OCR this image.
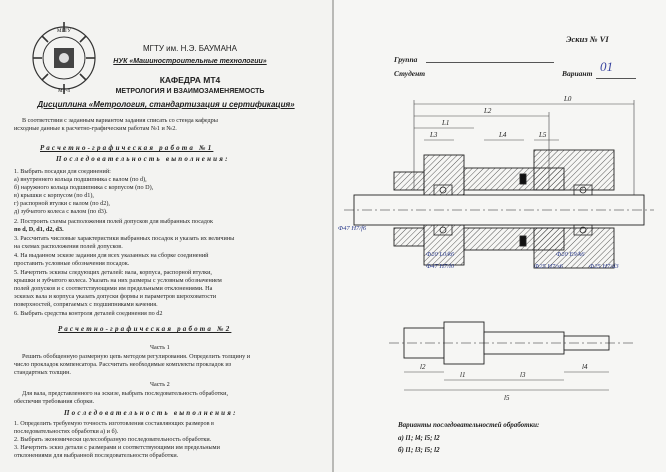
МГТУ
МТ-4
МГТУ им. Н.Э. БАУМАНА
НУК «Машиностроительные технологии»
КАФЕДРА МТ4
МЕТРОЛОГИЯ И ВЗАИМОЗАМЕНЯЕМОСТЬ
Дисциплина «Метрология, стандартизация и сертификация»
В соответствии с заданным вариантом задания списать со стенда кафедры
исходные данные к расчетно-графическим работам №1 и №2.
Расчетно-графическая работа №1
Последовательность выполнения:
1. Выбрать посадки для соединений:
а) внутреннего кольца подшипника с валом (по d),
б) наружного кольца подшипника с корпусом (по D),
в) крышки с корпусом (по d1),
г) распорной втулки с валом (по d2),
д) зубчатого колеса с валом (по d3).
2. Построить схемы расположения полей допусков для выбранных посадок
по d, D, d1, d2, d3.
3. Рассчитать числовые характеристики выбранных посадок и указать их величины
на схемах расположения полей допусков.
4. На выданном эскизе задания для всех указанных на сборке соединений
проставить условные обозначения посадок.
5. Начертить эскизы следующих деталей: вала, корпуса, распорной втулки,
крышки и зубчатого колеса. Указать на них размеры с условным обозначением
полей допусков и с соответствующими им предельными отклонениями. На
эскизах вала и корпуса указать допуски формы и параметров шероховатости
поверхностей, сопрягаемых с подшипниками качения.
6. Выбрать средства контроля деталей соединения по d2
Расчетно-графическая работа №2
Часть 1
Решить обобщенную размерную цепь методом регулирования. Определить толщину и
число прокладок компенсатора. Рассчитать необходимые комплекты прокладок из
стандартных толщин.
Часть 2
Для вала, представленного на эскизе, выбрать последовательность обработки,
обеспечив требования сборки.
Последовательность выполнения:
1. Определить требуемую точность изготовления составляющих размеров в
последовательностях обработки а) и б).
2. Выбрать экономически целесообразную последовательность обработки.
3. Начертить эскиз детали с размерами и соответствующими им предельными
отклонениями для выбранной последовательности обработки.
Эскиз № VI
Группа
Студент	Вариант 01
L0
L2
L1
L3	L4	L5
Ф47 H7/f6
Ф20 L0/k6
Ф47 H7/l0
Ф20 E9/k6
Ф25 H7/s6	Ф25 H7/d3
l2
l1	l3
l4
l5
Варианты последовательностей обработки:
а) l1; l4; l5; l2
б) l1; l3; l5; l2
